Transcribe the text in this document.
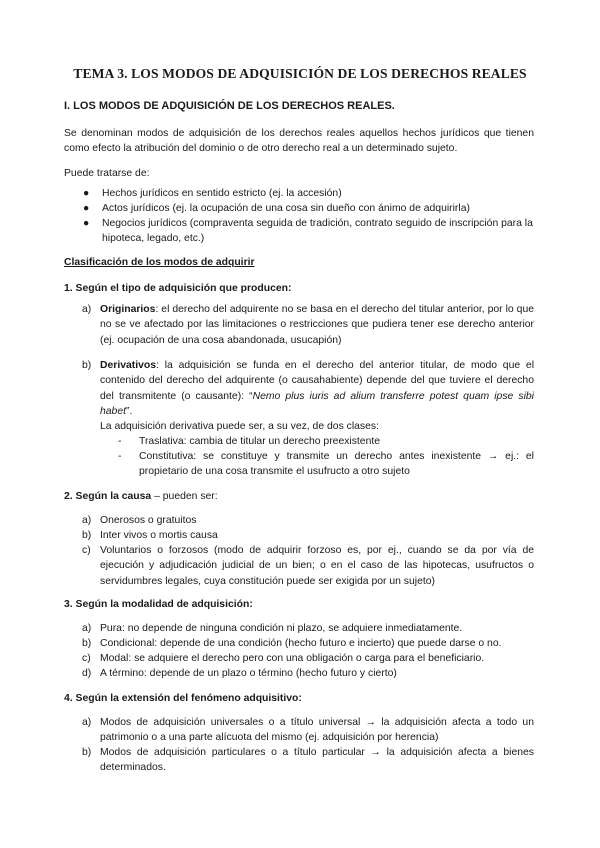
TEMA 3. LOS MODOS DE ADQUISICIÓN DE LOS DERECHOS REALES
I. LOS MODOS DE ADQUISICIÓN DE LOS DERECHOS REALES.
Se denominan modos de adquisición de los derechos reales aquellos hechos jurídicos que tienen como efecto la atribución del dominio o de otro derecho real a un determinado sujeto.
Puede tratarse de:
● Hechos jurídicos en sentido estricto (ej. la accesión)
● Actos jurídicos (ej. la ocupación de una cosa sin dueño con ánimo de adquirirla)
● Negocios jurídicos (compraventa seguida de tradición, contrato seguido de inscripción para la hipoteca, legado, etc.)
Clasificación de los modos de adquirir
1. Según el tipo de adquisición que producen:
a) Originarios: el derecho del adquirente no se basa en el derecho del titular anterior, por lo que no se ve afectado por las limitaciones o restricciones que pudiera tener ese derecho anterior (ej. ocupación de una cosa abandonada, usucapión)
b) Derivativos: la adquisición se funda en el derecho del anterior titular, de modo que el contenido del derecho del adquirente (o causahabiente) depende del que tuviere el derecho del transmitente (o causante): “Nemo plus iuris ad alium transferre potest quam ipse sibi habet”.
La adquisición derivativa puede ser, a su vez, de dos clases:
- Traslativa: cambia de titular un derecho preexistente
- Constitutiva: se constituye y transmite un derecho antes inexistente → ej.: el propietario de una cosa transmite el usufructo a otro sujeto
2. Según la causa – pueden ser:
a) Onerosos o gratuitos
b) Inter vivos o mortis causa
c) Voluntarios o forzosos (modo de adquirir forzoso es, por ej., cuando se da por vía de ejecución y adjudicación judicial de un bien; o en el caso de las hipotecas, usufructos o servidumbres legales, cuya constitución puede ser exigida por un sujeto)
3. Según la modalidad de adquisición:
a) Pura: no depende de ninguna condición ni plazo, se adquiere inmediatamente.
b) Condicional: depende de una condición (hecho futuro e incierto) que puede darse o no.
c) Modal: se adquiere el derecho pero con una obligación o carga para el beneficiario.
d) A término: depende de un plazo o término (hecho futuro y cierto)
4. Según la extensión del fenómeno adquisitivo:
a) Modos de adquisición universales o a título universal → la adquisición afecta a todo un patrimonio o a una parte alícuota del mismo (ej. adquisición por herencia)
b) Modos de adquisición particulares o a título particular → la adquisición afecta a bienes determinados.
